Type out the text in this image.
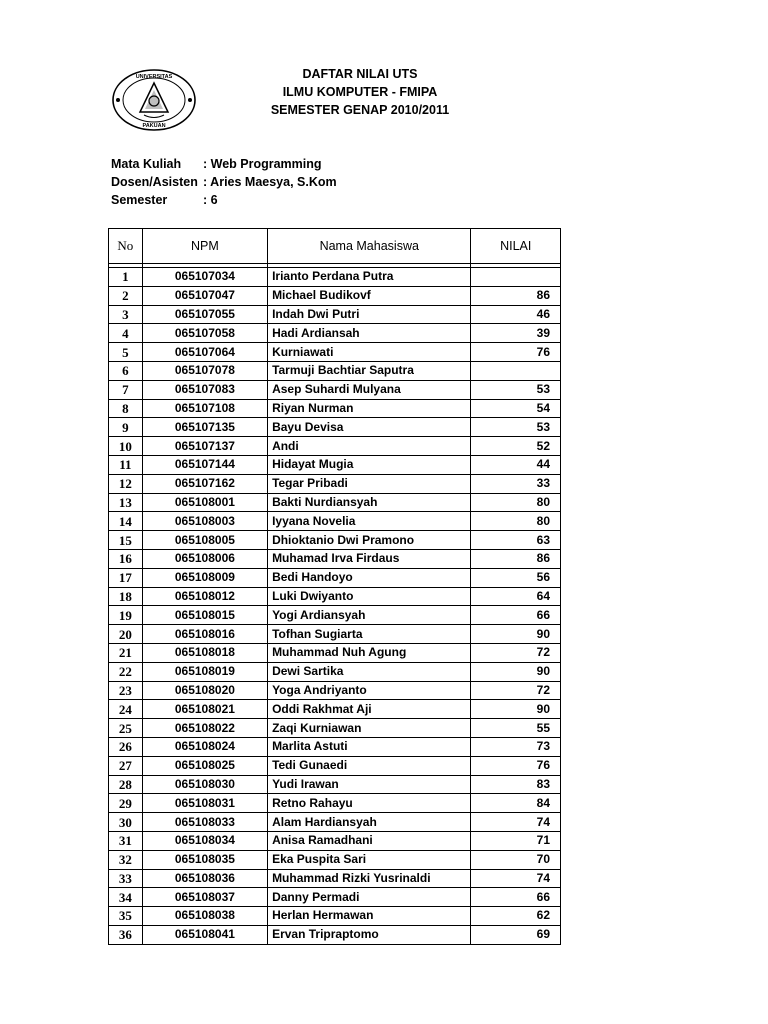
UNIVERSITAS
PAKUAN
DAFTAR NILAI UTS
ILMU KOMPUTER - FMIPA
SEMESTER GENAP 2010/2011
Mata Kuliah	: Web Programming
Dosen/Asisten : Aries Maesya, S.Kom
Semester	: 6
No	NPM	Nama Mahasiswa	NILAI

1	065107034	Irianto Perdana Putra	
2	065107047	Michael Budikovf	86
3	065107055	Indah Dwi Putri	46
4	065107058	Hadi Ardiansah	39
5	065107064	Kurniawati	76
6	065107078	Tarmuji Bachtiar Saputra	
7	065107083	Asep Suhardi Mulyana	53
8	065107108	Riyan Nurman	54
9	065107135	Bayu Devisa	53
10	065107137	Andi	52
11	065107144	Hidayat Mugia	44
12	065107162	Tegar Pribadi	33
13	065108001	Bakti Nurdiansyah	80
14	065108003	Iyyana Novelia	80
15	065108005	Dhioktanio Dwi Pramono	63
16	065108006	Muhamad Irva Firdaus	86
17	065108009	Bedi Handoyo	56
18	065108012	Luki Dwiyanto	64
19	065108015	Yogi Ardiansyah	66
20	065108016	Tofhan Sugiarta	90
21	065108018	Muhammad Nuh Agung	72
22	065108019	Dewi Sartika	90
23	065108020	Yoga Andriyanto	72
24	065108021	Oddi Rakhmat Aji	90
25	065108022	Zaqi Kurniawan	55
26	065108024	Marlita Astuti	73
27	065108025	Tedi Gunaedi	76
28	065108030	Yudi Irawan	83
29	065108031	Retno Rahayu	84
30	065108033	Alam Hardiansyah	74
31	065108034	Anisa Ramadhani	71
32	065108035	Eka Puspita Sari	70
33	065108036	Muhammad Rizki Yusrinaldi	74
34	065108037	Danny Permadi	66
35	065108038	Herlan Hermawan	62
36	065108041	Ervan Tripraptomo	69
